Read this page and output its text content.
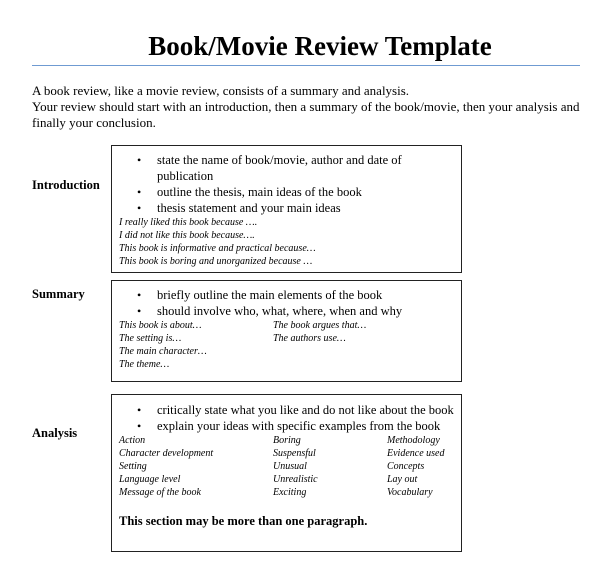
Book/Movie Review Template

A book review, like a movie review, consists of a summary and analysis.

Your review should start with an introduction, then a summary of the book/movie, then your analysis and finally your conclusion.

Introduction
• state the name of book/movie, author and date of publication
• outline the thesis, main ideas of the book
• thesis statement and your main ideas
I really liked this book because ….
I did not like this book because….
This book is informative and practical because…
This book is boring and unorganized because …
Summary	• briefly outline the main elements of the book
• should involve who, what, where, when and why
This book is about…	The book argues that…
The setting is…	The authors use…
The main character…
The theme…
Analysis
• critically state what you like and do not like about the book
• explain your ideas with specific examples from the book
Action	Boring	Methodology
Character development	Suspensful	Evidence used
Setting	Unusual	Concepts
Language level	Unrealistic	Lay out
Message of the book	Exciting	Vocabulary
This section may be more than one paragraph.
